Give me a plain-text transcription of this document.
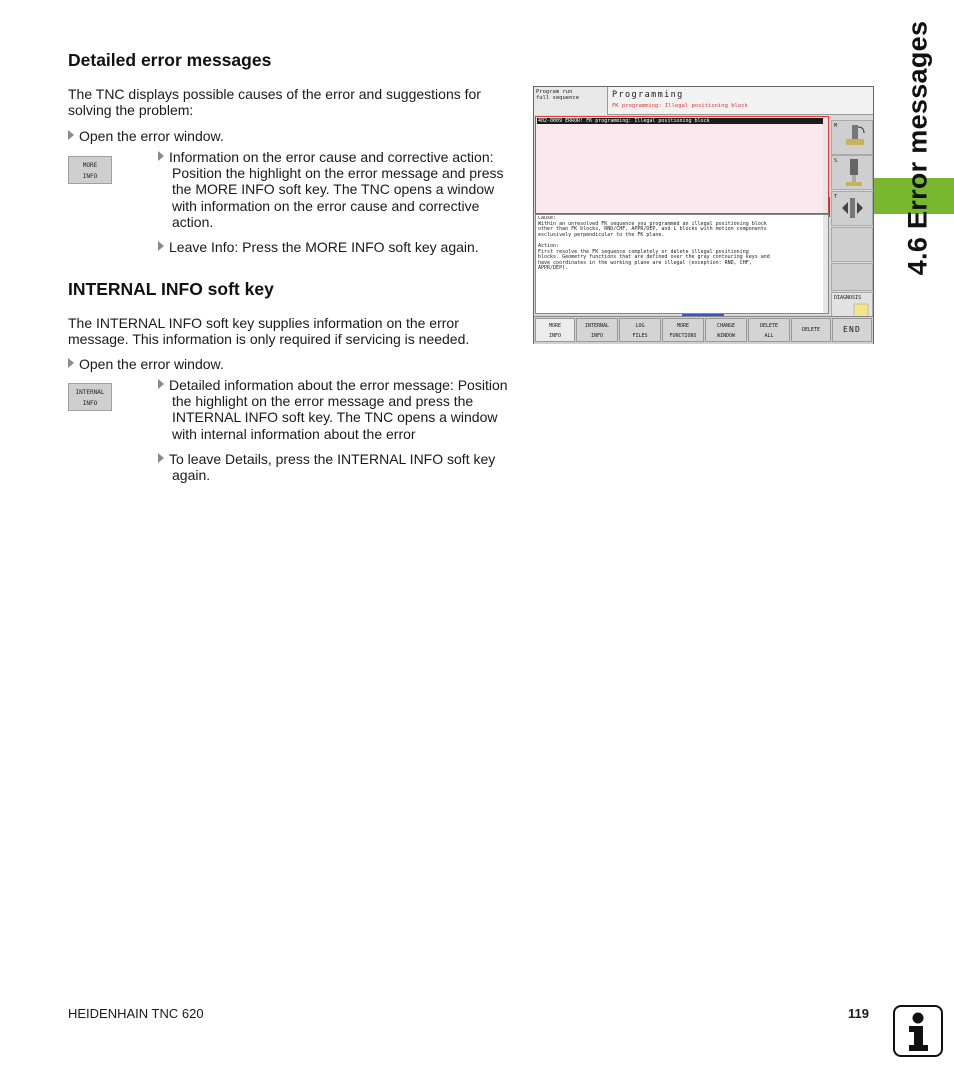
Detailed error messages
The TNC displays possible causes of the error and suggestions for solving the problem:
Open the error window.
MORE
INFO
Information on the error cause and corrective action: Position the highlight on the error message and press the MORE INFO soft key. The TNC opens a window with information on the error cause and corrective action.
Leave Info: Press the MORE INFO soft key again.
INTERNAL INFO soft key
The INTERNAL INFO soft key supplies information on the error message. This information is only required if servicing is needed.
Open the error window.
INTERNAL
INFO
Detailed information about the error message: Position the highlight on the error message and press the INTERNAL INFO soft key. The TNC opens a window with internal information about the error
To leave Details, press the INTERNAL INFO soft key again.
4.6 Error messages
Program run
full sequence	Programming
FK programming: Illegal positioning block
402-0009 ERROR! FK programming: Illegal positioning block
Cause:
Within an unresolved FK sequence you programmed an illegal positioning block
other than FK blocks, RND/CHF, APPR/DEP, and L blocks with motion components
exclusively perpendicular to the FK plane.

Action:
First resolve the FK sequence completely or delete illegal positioning
blocks. Geometry functions that are defined over the gray contouring keys and
have coordinates in the working plane are illegal (exception: RND, CHF,
APPR/DEP).
M
S
T
DIAGNOSIS
MORE
INFO
INTERNAL
INFO
LOG
FILES
MORE
FUNCTIONS
CHANGE
WINDOW
DELETE
ALL
DELETE	END
HEIDENHAIN TNC 620	119
